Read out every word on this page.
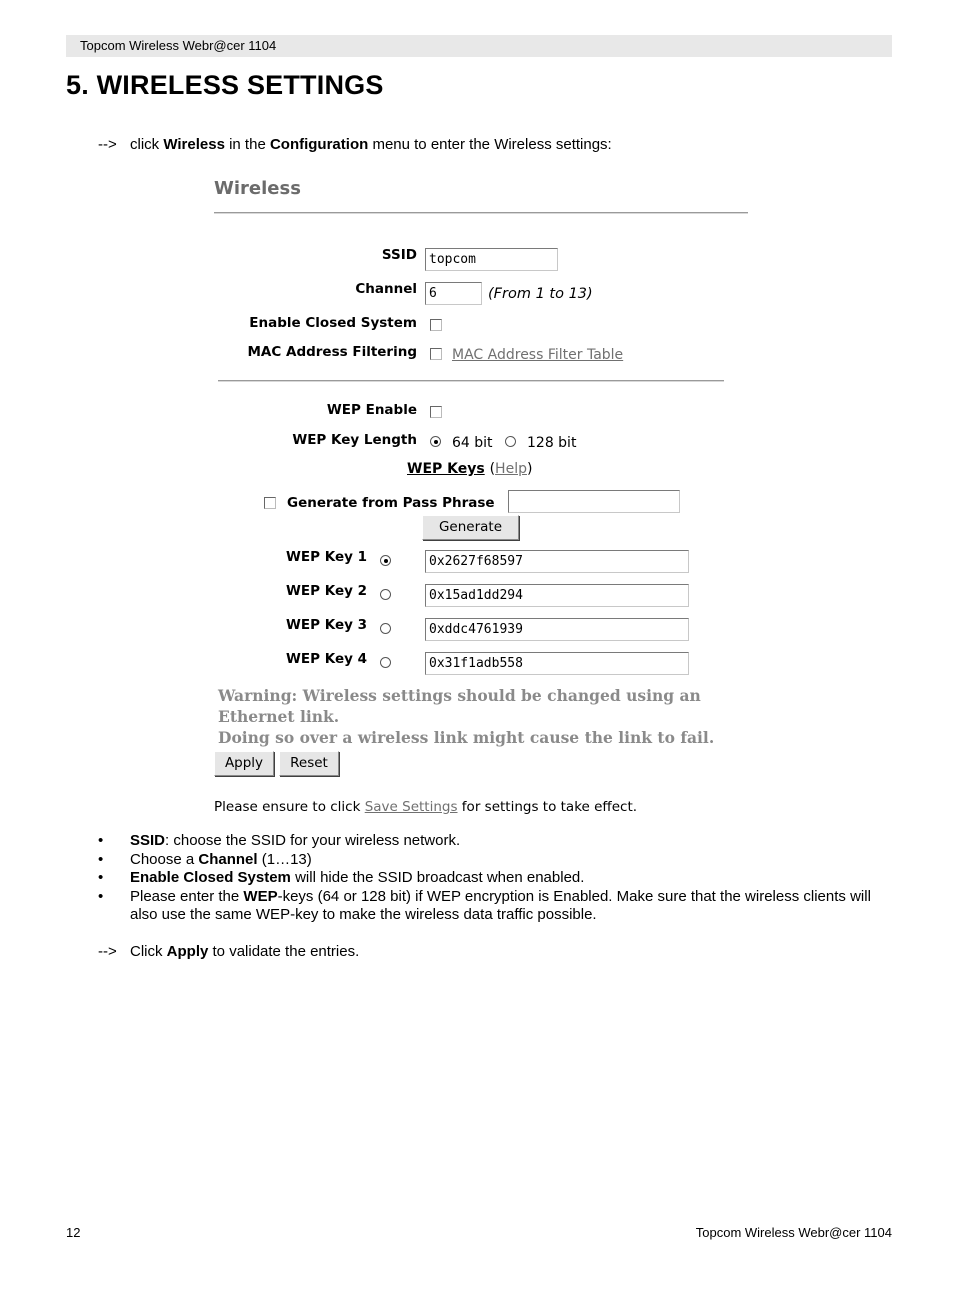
Topcom Wireless Webr@cer 1104
5. WIRELESS SETTINGS
--> click Wireless in the Configuration menu to enter the Wireless settings:
Wireless
SSID topcom
Channel 6	(From 1 to 13)
Enable Closed System
MAC Address Filtering	MAC Address Filter Table
WEP Enable
WEP Key Length	64 bit 128 bit
WEP Keys (Help)
Generate from Pass Phrase
Generate
WEP Key 1	0x2627f68597
WEP Key 2	0x15ad1dd294
WEP Key 3	0xddc4761939
WEP Key 4	0x31f1adb558
Warning: Wireless settings should be changed using an Ethernet link.
Doing so over a wireless link might cause the link to fail.
Apply	Reset
Please ensure to click Save Settings for settings to take effect.
• SSID: choose the SSID for your wireless network.
• Choose a Channel (1…13)
• Enable Closed System will hide the SSID broadcast when enabled.
• Please enter the WEP-keys (64 or 128 bit) if WEP encryption is Enabled. Make sure that the wireless clients will also use the same WEP-key to make the wireless data traffic possible.
--> Click Apply to validate the entries.
12	Topcom Wireless Webr@cer 1104
